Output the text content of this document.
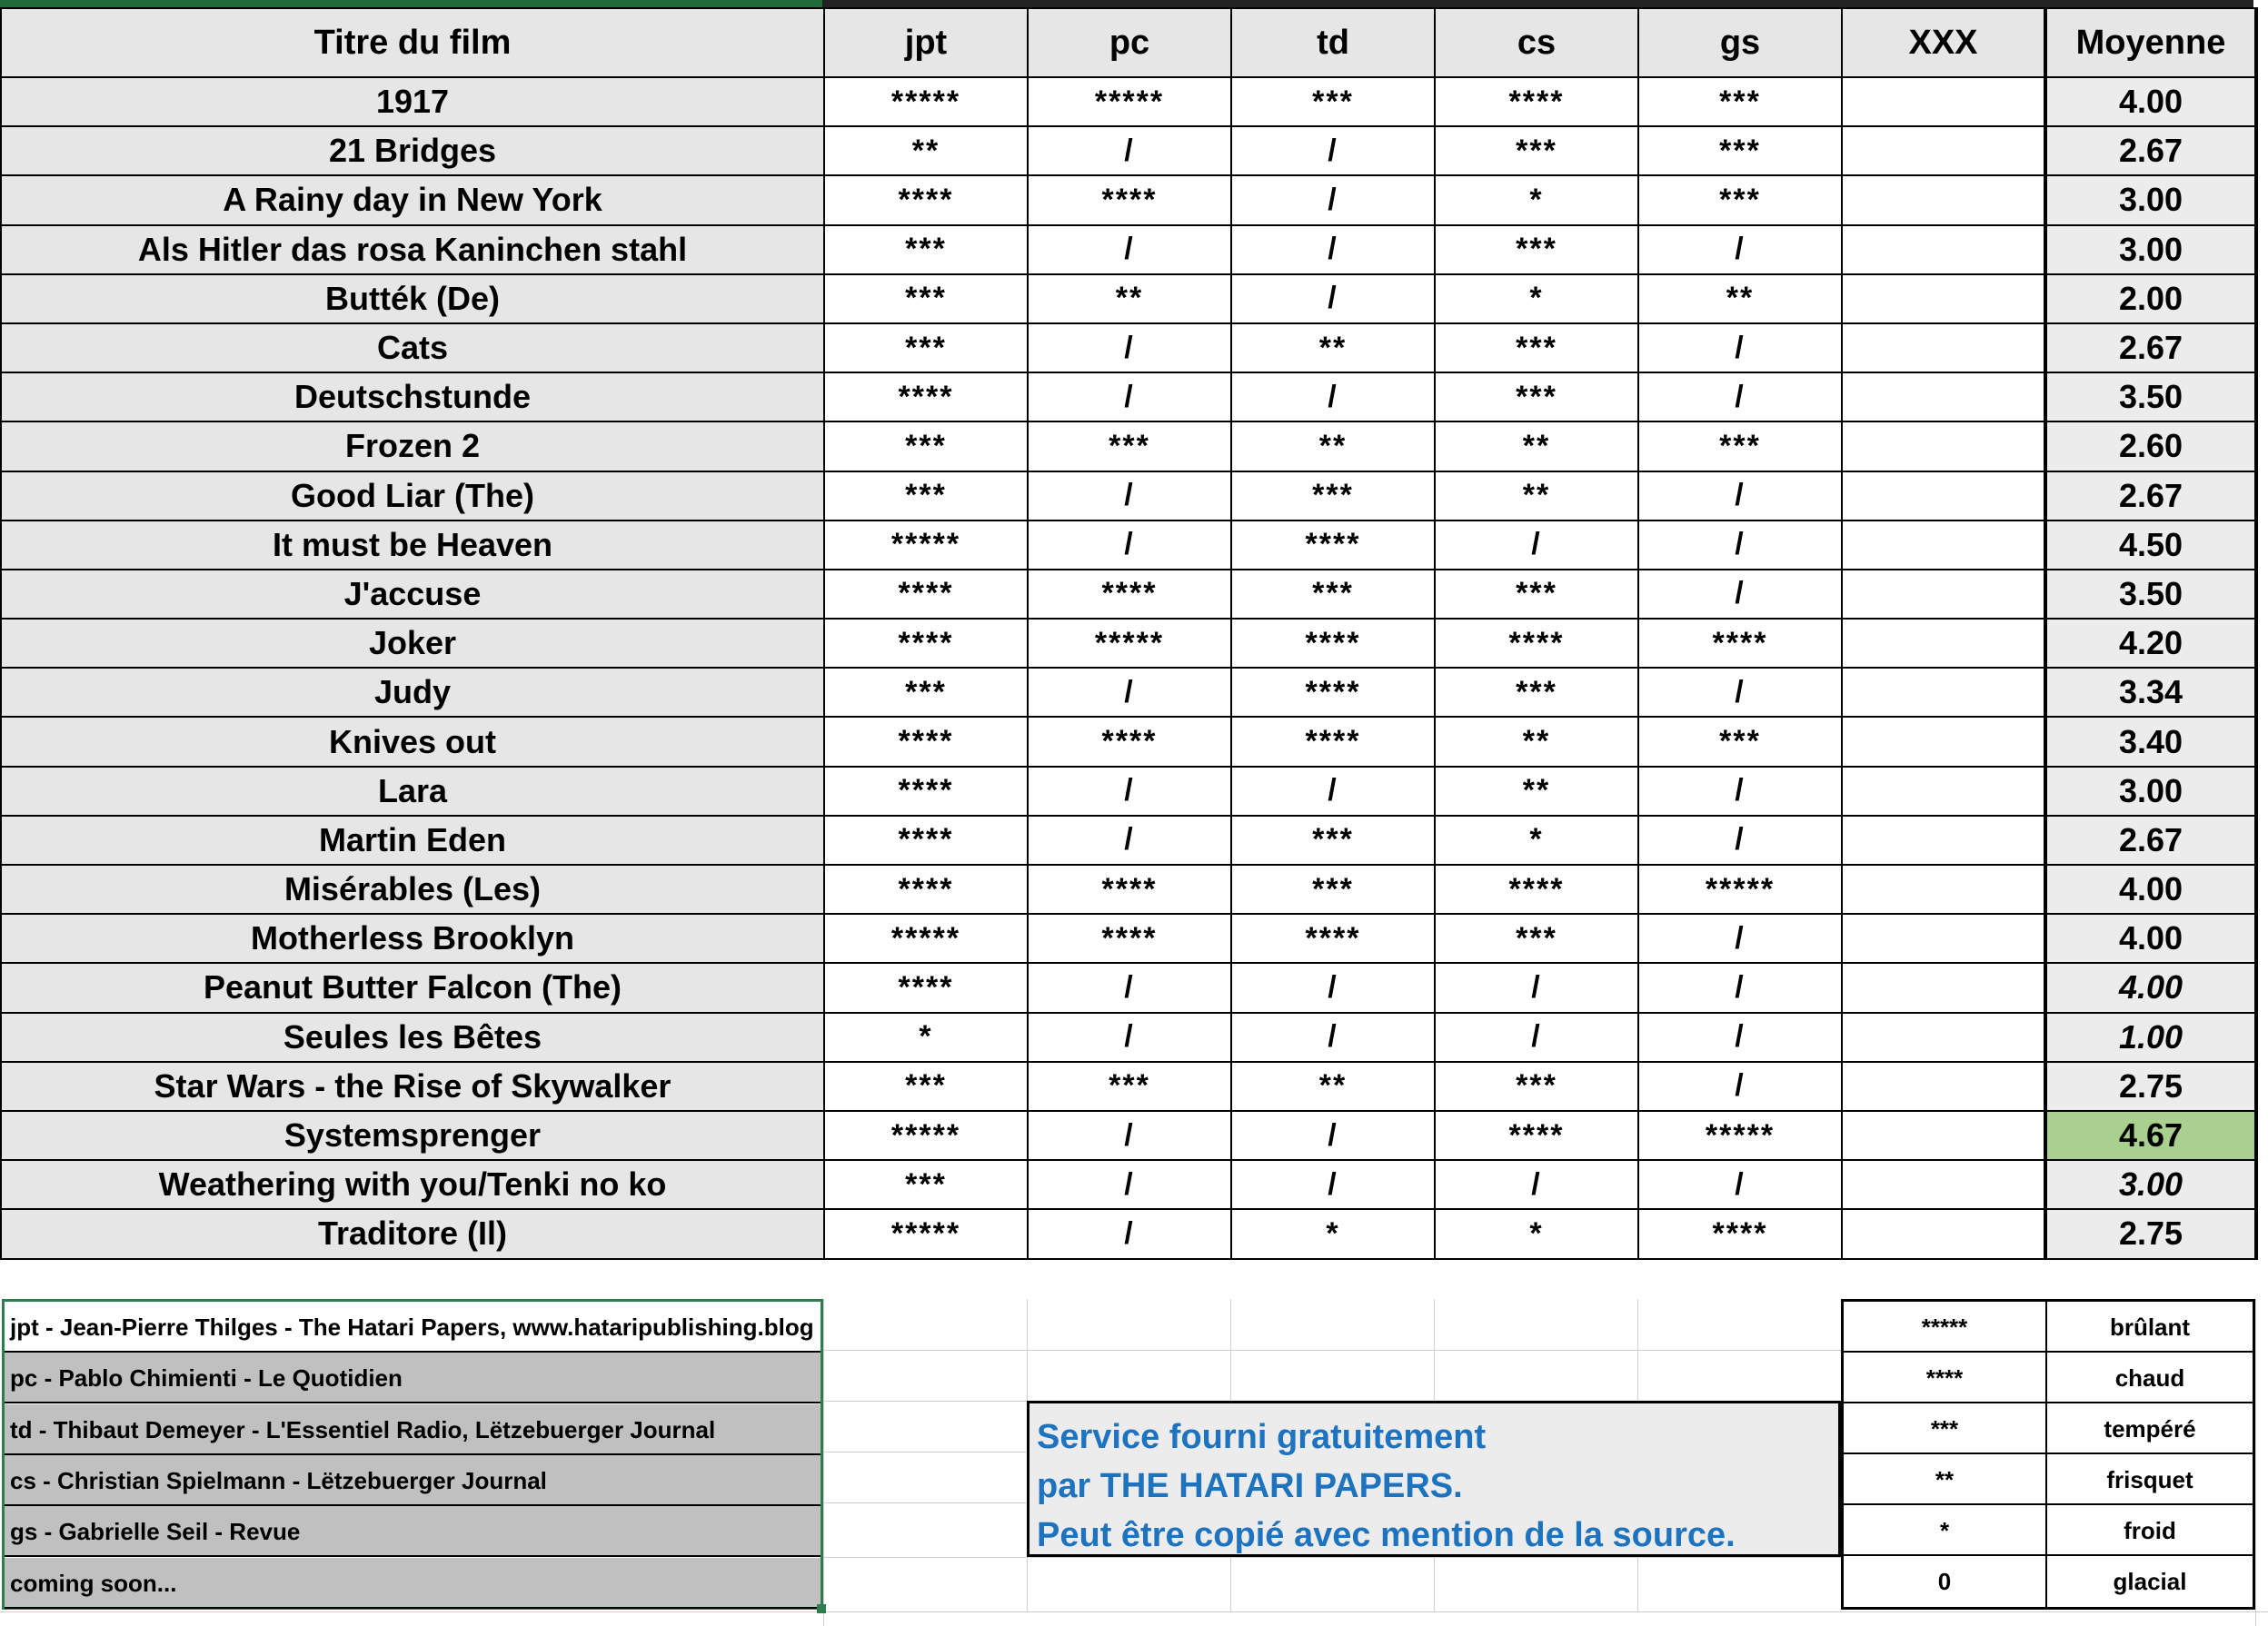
Titre du film	jpt	pc	td	cs	gs	XXX	Moyenne
1917	*****	*****	***	****	***		4.00
21 Bridges	**	/	/	***	***		2.67
A Rainy day in New York	****	****	/	*	***		3.00
Als Hitler das rosa Kaninchen stahl	***	/	/	***	/		3.00
Butték (De)	***	**	/	*	**		2.00
Cats	***	/	**	***	/		2.67
Deutschstunde	****	/	/	***	/		3.50
Frozen 2	***	***	**	**	***		2.60
Good Liar (The)	***	/	***	**	/		2.67
It must be Heaven	*****	/	****	/	/		4.50
J'accuse	****	****	***	***	/		3.50
Joker	****	*****	****	****	****		4.20
Judy	***	/	****	***	/		3.34
Knives out	****	****	****	**	***		3.40
Lara	****	/	/	**	/		3.00
Martin Eden	****	/	***	*	/		2.67
Misérables (Les)	****	****	***	****	*****		4.00
Motherless Brooklyn	*****	****	****	***	/		4.00
Peanut Butter Falcon (The)	****	/	/	/	/		4.00
Seules les Bêtes	*	/	/	/	/		1.00
Star Wars - the Rise of Skywalker	***	***	**	***	/		2.75
Systemsprenger	*****	/	/	****	*****		4.67
Weathering with you/Tenki no ko	***	/	/	/	/		3.00
Traditore (Il)	*****	/	*	*	****		2.75
jpt - Jean-Pierre Thilges - The Hatari Papers, www.hataripublishing.blog
pc - Pablo Chimienti - Le Quotidien
td - Thibaut Demeyer - L'Essentiel Radio, Lëtzebuerger Journal
cs - Christian Spielmann - Lëtzebuerger Journal
gs - Gabrielle Seil - Revue
coming soon...
Service fourni gratuitement
par THE HATARI PAPERS.
Peut être copié avec mention de la source.
*****	brûlant
****	chaud
***	tempéré
**	frisquet
*	froid
0	glacial
